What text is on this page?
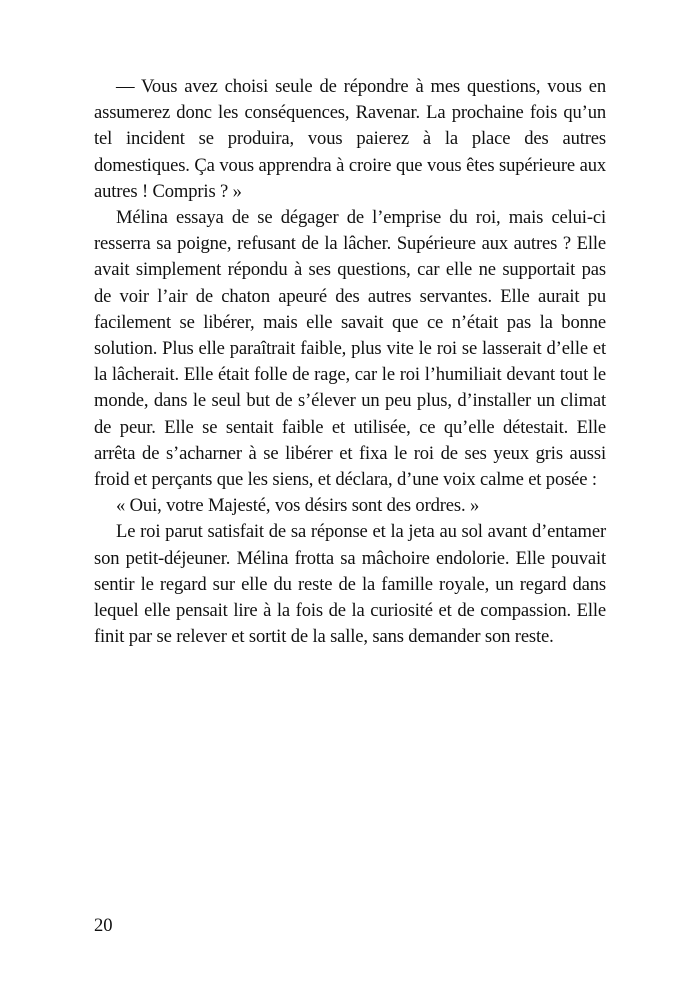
— Vous avez choisi seule de répondre à mes questions, vous en assumerez donc les conséquences, Ravenar. La prochaine fois qu’un tel incident se produira, vous paierez à la place des autres domestiques. Ça vous apprendra à croire que vous êtes supérieure aux autres ! Compris ? »

Mélina essaya de se dégager de l’emprise du roi, mais celui-ci resserra sa poigne, refusant de la lâcher. Supérieure aux autres ? Elle avait simplement répondu à ses questions, car elle ne supportait pas de voir l’air de chaton apeuré des autres servantes. Elle aurait pu facilement se libérer, mais elle savait que ce n’était pas la bonne solution. Plus elle paraîtrait faible, plus vite le roi se lasserait d’elle et la lâcherait. Elle était folle de rage, car le roi l’humiliait devant tout le monde, dans le seul but de s’élever un peu plus, d’installer un climat de peur. Elle se sentait faible et utilisée, ce qu’elle détestait. Elle arrêta de s’acharner à se libérer et fixa le roi de ses yeux gris aussi froid et perçants que les siens, et déclara, d’une voix calme et posée :

« Oui, votre Majesté, vos désirs sont des ordres. »

Le roi parut satisfait de sa réponse et la jeta au sol avant d’entamer son petit-déjeuner. Mélina frotta sa mâchoire endolorie. Elle pouvait sentir le regard sur elle du reste de la famille royale, un regard dans lequel elle pensait lire à la fois de la curiosité et de compassion. Elle finit par se relever et sortit de la salle, sans demander son reste.

20
